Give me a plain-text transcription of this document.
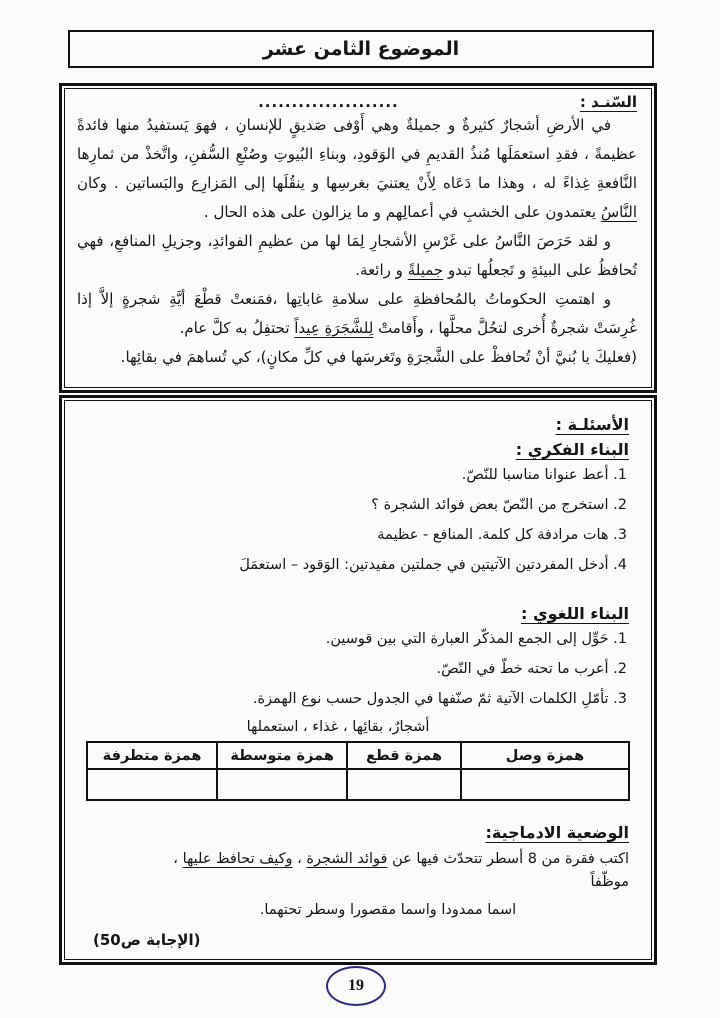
الموضوع الثامن عشر
السّنـد :
.....................

في الأرضِ أشجارٌ كثيرةٌ و جميلةٌ وهي أَوْفى صَديقٍ للإنسانِ ، فهوَ يَستفيدُ منها فائدةً عظيمةً ، فقدِ استعمَلَها مُنذُ القديمِ في الوَقودِ، وبناءِ البُيوتِ وصُنْعِ السُّفنِ، واتَّخذْ من ثمارِها النَّافعةِ غِذاءً له ، وهذا ما دَعَاه لِأَنْ يعتنيَ بغرسِها و ينقُلَها إلى المَزارِع والبَساتين . وكان النَّاسُ يعتمدون على الخشبِ في أعمالِهم و ما يزالون على هذه الحال .

و لقد حَرَصَ النَّاسُ على غَرْسِ الأشجارِ لِمَا لها من عظيمِ الفوائدِ، وجزيلِ المنافعِ، فهي تُحافظُ على البيئةِ و تَجعلُها تبدو جميلةً و رائعة.

و اهتمتِ الحكوماتُ بالمُحافظةِ على سلامةِ غاباتِها ،فمَنعتْ قطْعَ أيَّةِ شجرةٍ إلاَّ إذا غُرِسَتْ شجرةٌ أُخرى لتحُلَّ محلَّها ، وأَقامتْ لِلشَّجَرَةِ عِيداً تحتفِلُ به كلَّ عام.

(فعليكَ يا بُنيَّ أنْ تُحافظْ على الشَّجرَةِ وتَغرسَها في كلِّ مكانٍ)، كي تُساهمَ في بقائِها.

الأسئلـة :
البناء الفكري :
1. أعط عنوانا مناسبا للنّصّ.
2. استخرج من النّصّ بعض فوائد الشجرة ؟
3. هات مرادفة كل كلمة. المنافع - عظيمة
4. أدخل المفردتين الآتيتين في جملتين مفيدتين: الوَقود – استعمَلَ
البناء اللغوي :
1. حَوِّل إلى الجمع المذكّر العبارة التي بين قوسين.
2. أعرب ما تحته خطّ في النّصّ.
3. تأمّلِ الكلمات الآتية ثمّ صنّفها في الجدول حسب نوع الهمزة.
أشجارٌ، بقائِها ، غذاء ، استعملها
همزة وصل	همزة قطع	همزة متوسطة	همزة متطرفة

الوضعية الادماجية:
اكتب فقرة من 8 أسطر تتحدّث فيها عن فوائد الشجرة ، وكيف تحافظ عليها ،
موظّفاً
اسما ممدودا واسما مقصورا وسطر تحتهما.
(الإجابة ص50)
19
